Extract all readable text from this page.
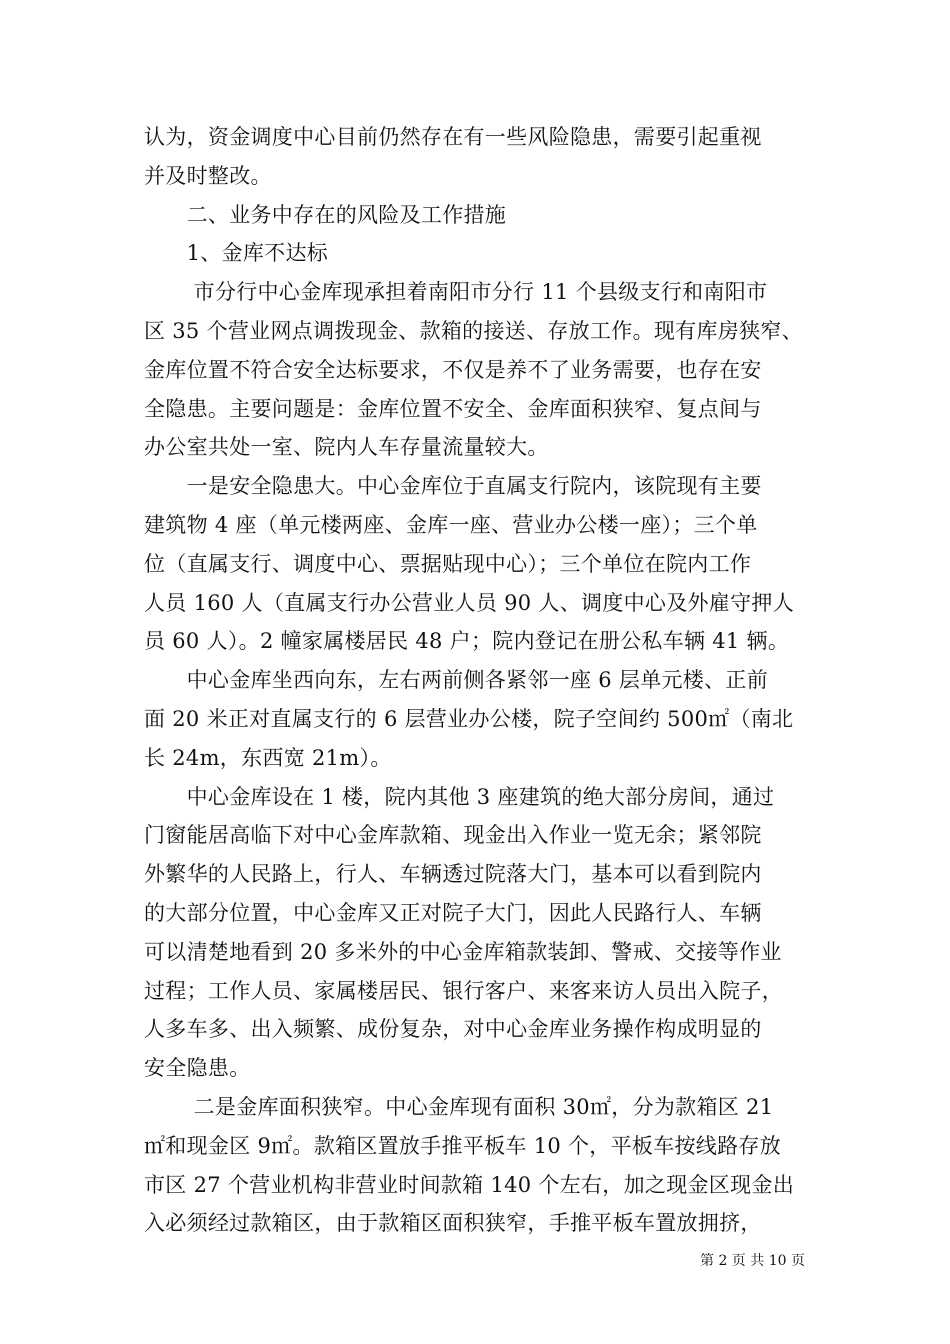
认为，资金调度中心目前仍然存在有一些风险隐患，需要引起重视
并及时整改。
　　二、业务中存在的风险及工作措施
　　1、金库不达标
　　 市分行中心金库现承担着南阳市分行 11 个县级支行和南阳市
区 35 个营业网点调拨现金、款箱的接送、存放工作。现有库房狭窄、
金库位置不符合安全达标要求，不仅是养不了业务需要，也存在安
全隐患。主要问题是：金库位置不安全、金库面积狭窄、复点间与
办公室共处一室、院内人车存量流量较大。
　　一是安全隐患大。中心金库位于直属支行院内，该院现有主要
建筑物 4 座（单元楼两座、金库一座、营业办公楼一座）；三个单
位（直属支行、调度中心、票据贴现中心）；三个单位在院内工作
人员 160 人（直属支行办公营业人员 90 人、调度中心及外雇守押人
员 60 人）。2 幢家属楼居民 48 户；院内登记在册公私车辆 41 辆。
　　中心金库坐西向东，左右两前侧各紧邻一座 6 层单元楼、正前
面 20 米正对直属支行的 6 层营业办公楼，院子空间约 500㎡（南北
长 24m，东西宽 21m）。
　　中心金库设在 1 楼，院内其他 3 座建筑的绝大部分房间，通过
门窗能居高临下对中心金库款箱、现金出入作业一览无余；紧邻院
外繁华的人民路上，行人、车辆透过院落大门，基本可以看到院内
的大部分位置，中心金库又正对院子大门，因此人民路行人、车辆
可以清楚地看到 20 多米外的中心金库箱款装卸、警戒、交接等作业
过程；工作人员、家属楼居民、银行客户、来客来访人员出入院子，
人多车多、出入频繁、成份复杂，对中心金库业务操作构成明显的
安全隐患。
　　 二是金库面积狭窄。中心金库现有面积 30㎡，分为款箱区 21
㎡和现金区 9㎡。款箱区置放手推平板车 10 个，平板车按线路存放
市区 27 个营业机构非营业时间款箱 140 个左右，加之现金区现金出
入必须经过款箱区，由于款箱区面积狭窄，手推平板车置放拥挤，
第 2 页 共 10 页
